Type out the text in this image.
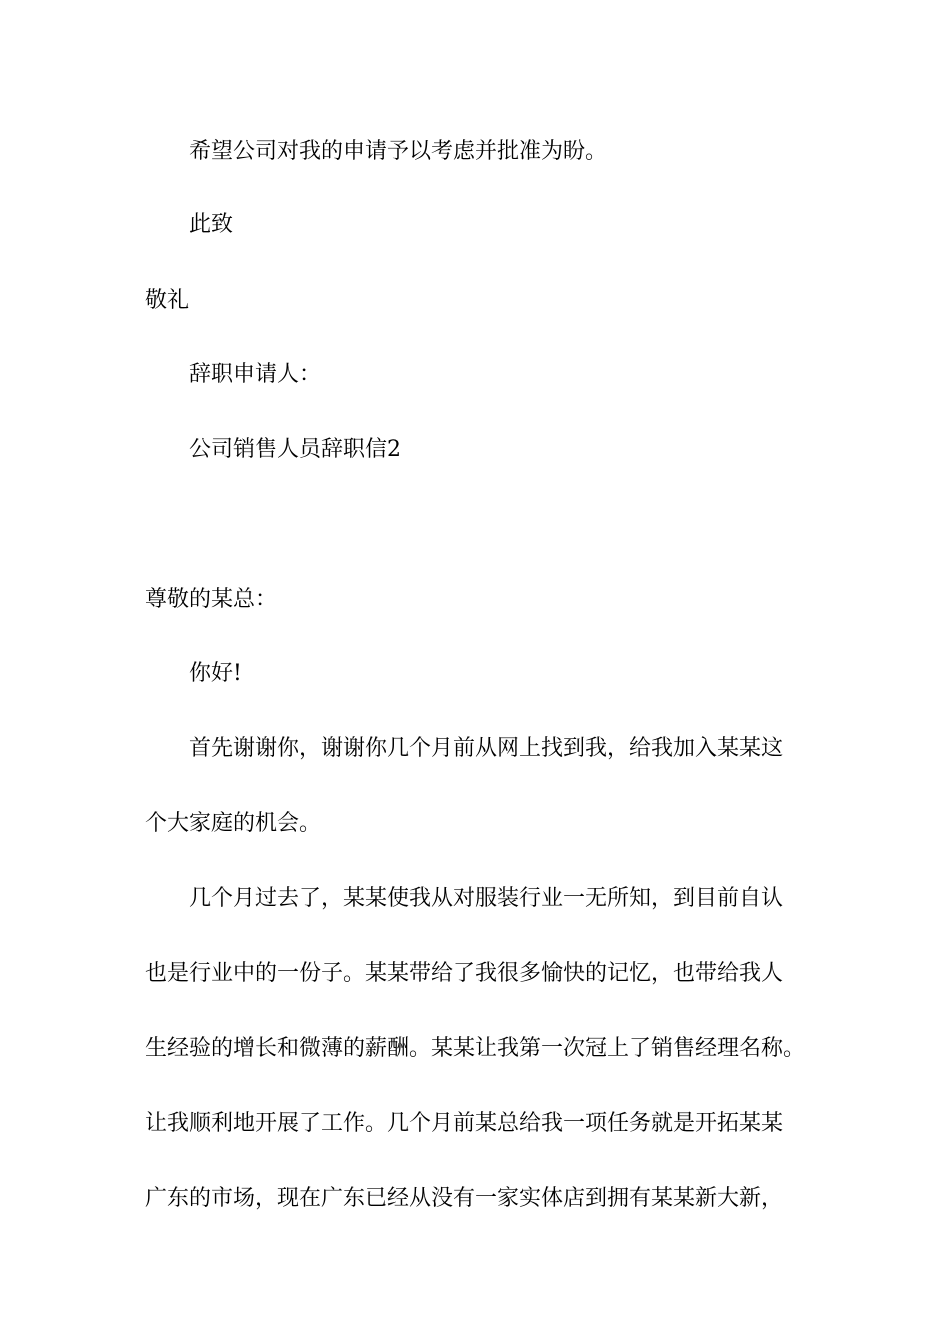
希望公司对我的申请予以考虑并批准为盼。
此致
敬礼
辞职申请人：
公司销售人员辞职信2
尊敬的某总：
你好!
首先谢谢你，谢谢你几个月前从网上找到我，给我加入某某这
个大家庭的机会。
几个月过去了，某某使我从对服装行业一无所知，到目前自认
也是行业中的一份子。某某带给了我很多愉快的记忆，也带给我人
生经验的增长和微薄的薪酬。某某让我第一次冠上了销售经理名称。
让我顺利地开展了工作。几个月前某总给我一项任务就是开拓某某
广东的市场，现在广东已经从没有一家实体店到拥有某某新大新，
